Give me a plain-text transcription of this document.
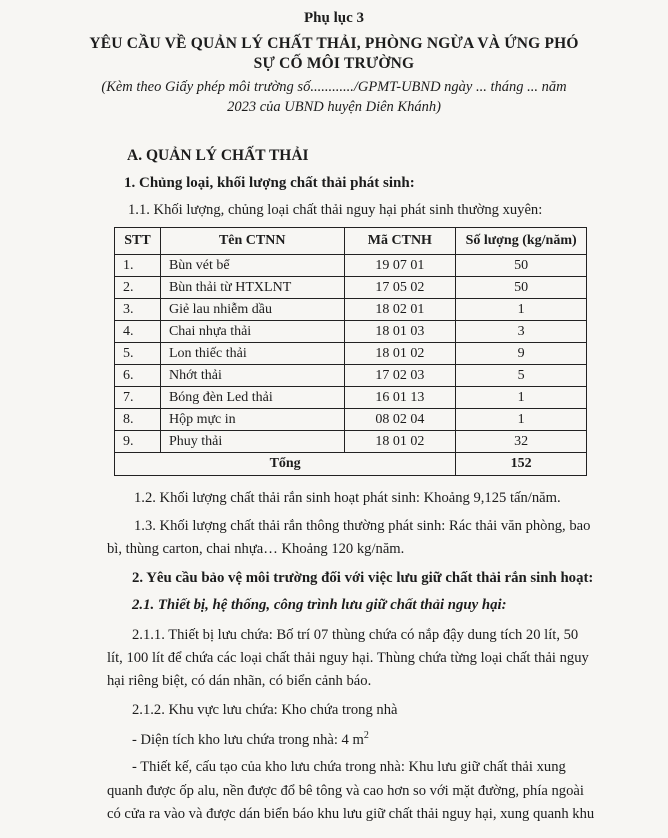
Phụ lục 3
YÊU CẦU VỀ QUẢN LÝ CHẤT THẢI, PHÒNG NGỪA VÀ ỨNG PHÓ
SỰ CỐ MÔI TRƯỜNG
(Kèm theo Giấy phép môi trường số............/GPMT-UBND ngày ... tháng ... năm
2023 của UBND huyện Diên Khánh)
A. QUẢN LÝ CHẤT THẢI
1. Chủng loại, khối lượng chất thải phát sinh:
1.1. Khối lượng, chủng loại chất thải nguy hại phát sinh thường xuyên:
STT	Tên CTNN	Mã CTNH	Số lượng (kg/năm)
1.	Bùn vét bể	19 07 01	50
2.	Bùn thải từ HTXLNT	17 05 02	50
3.	Giẻ lau nhiễm dầu	18 02 01	1
4.	Chai nhựa thải	18 01 03	3
5.	Lon thiếc thải	18 01 02	9
6.	Nhớt thải	17 02 03	5
7.	Bóng đèn Led thải	16 01 13	1
8.	Hộp mực in	08 02 04	1
9.	Phuy thải	18 01 02	32
Tổng			152
1.2. Khối lượng chất thải rắn sinh hoạt phát sinh: Khoảng 9,125 tấn/năm.
1.3. Khối lượng chất thải rắn thông thường phát sinh: Rác thải văn phòng, bao
bì, thùng carton, chai nhựa… Khoảng 120 kg/năm.
2. Yêu cầu bảo vệ môi trường đối với việc lưu giữ chất thải rắn sinh hoạt:
2.1. Thiết bị, hệ thống, công trình lưu giữ chất thải nguy hại:
2.1.1. Thiết bị lưu chứa: Bố trí 07 thùng chứa có nắp đậy dung tích 20 lít, 50
lít, 100 lít để chứa các loại chất thải nguy hại. Thùng chứa từng loại chất thải nguy
hại riêng biệt, có dán nhãn, có biển cảnh báo.
2.1.2. Khu vực lưu chứa: Kho chứa trong nhà
- Diện tích kho lưu chứa trong nhà: 4 $m^2$
- Thiết kế, cấu tạo của kho lưu chứa trong nhà: Khu lưu giữ chất thải xung
quanh được ốp alu, nền được đổ bê tông và cao hơn so với mặt đường, phía ngoài
có cửa ra vào và được dán biển báo khu lưu giữ chất thải nguy hại, xung quanh khu
